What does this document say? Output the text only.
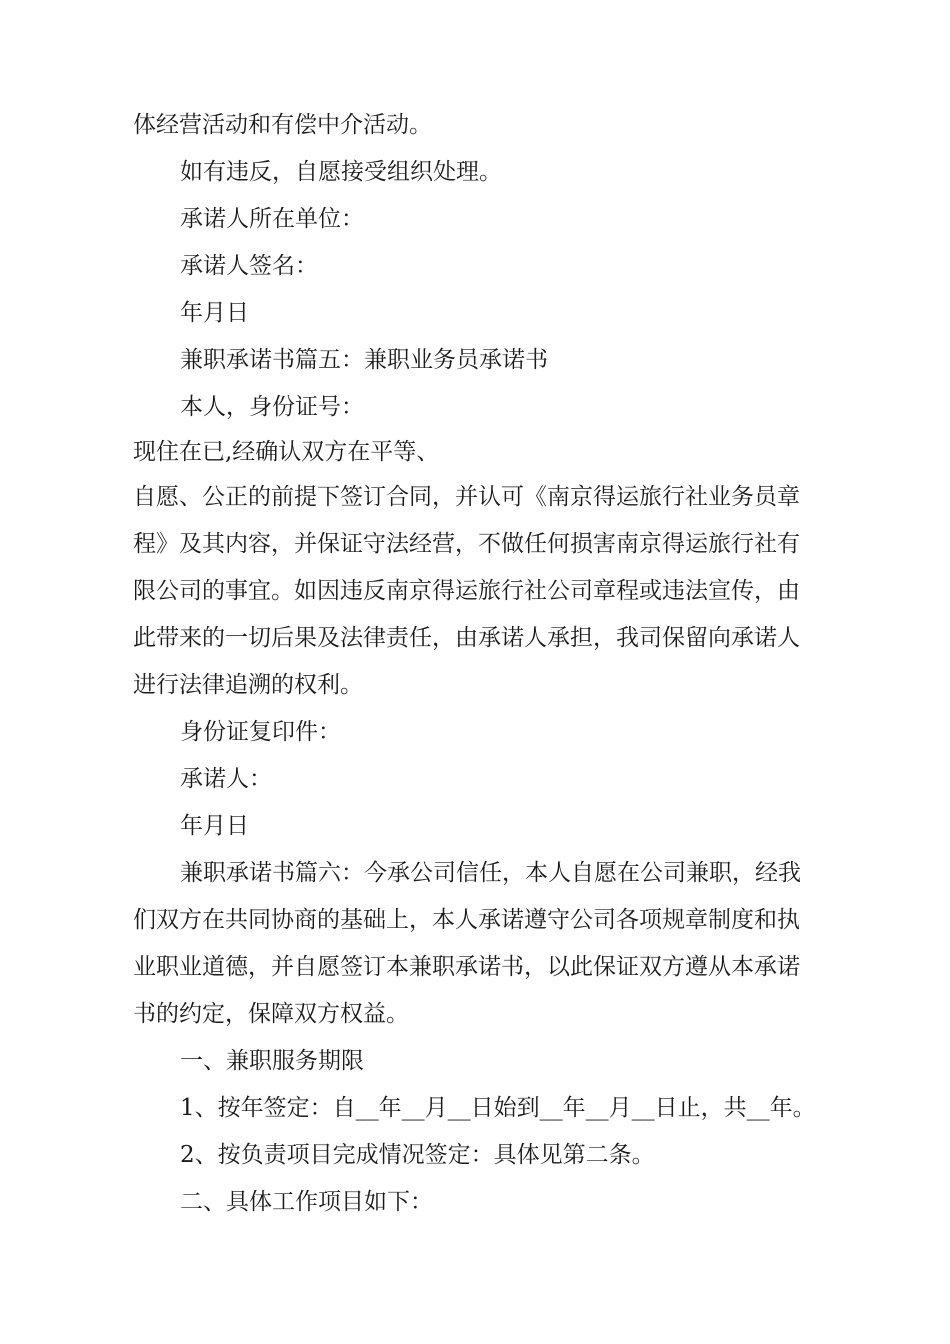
体经营活动和有偿中介活动。
如有违反，自愿接受组织处理。
承诺人所在单位：
承诺人签名：
年月日
兼职承诺书篇五：兼职业务员承诺书
本人，身份证号：
现住在已,经确认双方在平等、
自愿、公正的前提下签订合同，并认可《南京得运旅行社业务员章
程》及其内容，并保证守法经营，不做任何损害南京得运旅行社有
限公司的事宜。如因违反南京得运旅行社公司章程或违法宣传，由
此带来的一切后果及法律责任，由承诺人承担，我司保留向承诺人
进行法律追溯的权利。
身份证复印件：
承诺人：
年月日
兼职承诺书篇六：今承公司信任，本人自愿在公司兼职，经我
们双方在共同协商的基础上，本人承诺遵守公司各项规章制度和执
业职业道德，并自愿签订本兼职承诺书，以此保证双方遵从本承诺
书的约定，保障双方权益。
一、兼职服务期限
1、按年签定：自__年__月__日始到__年__月__日止，共__年。
2、按负责项目完成情况签定：具体见第二条。
二、具体工作项目如下：
